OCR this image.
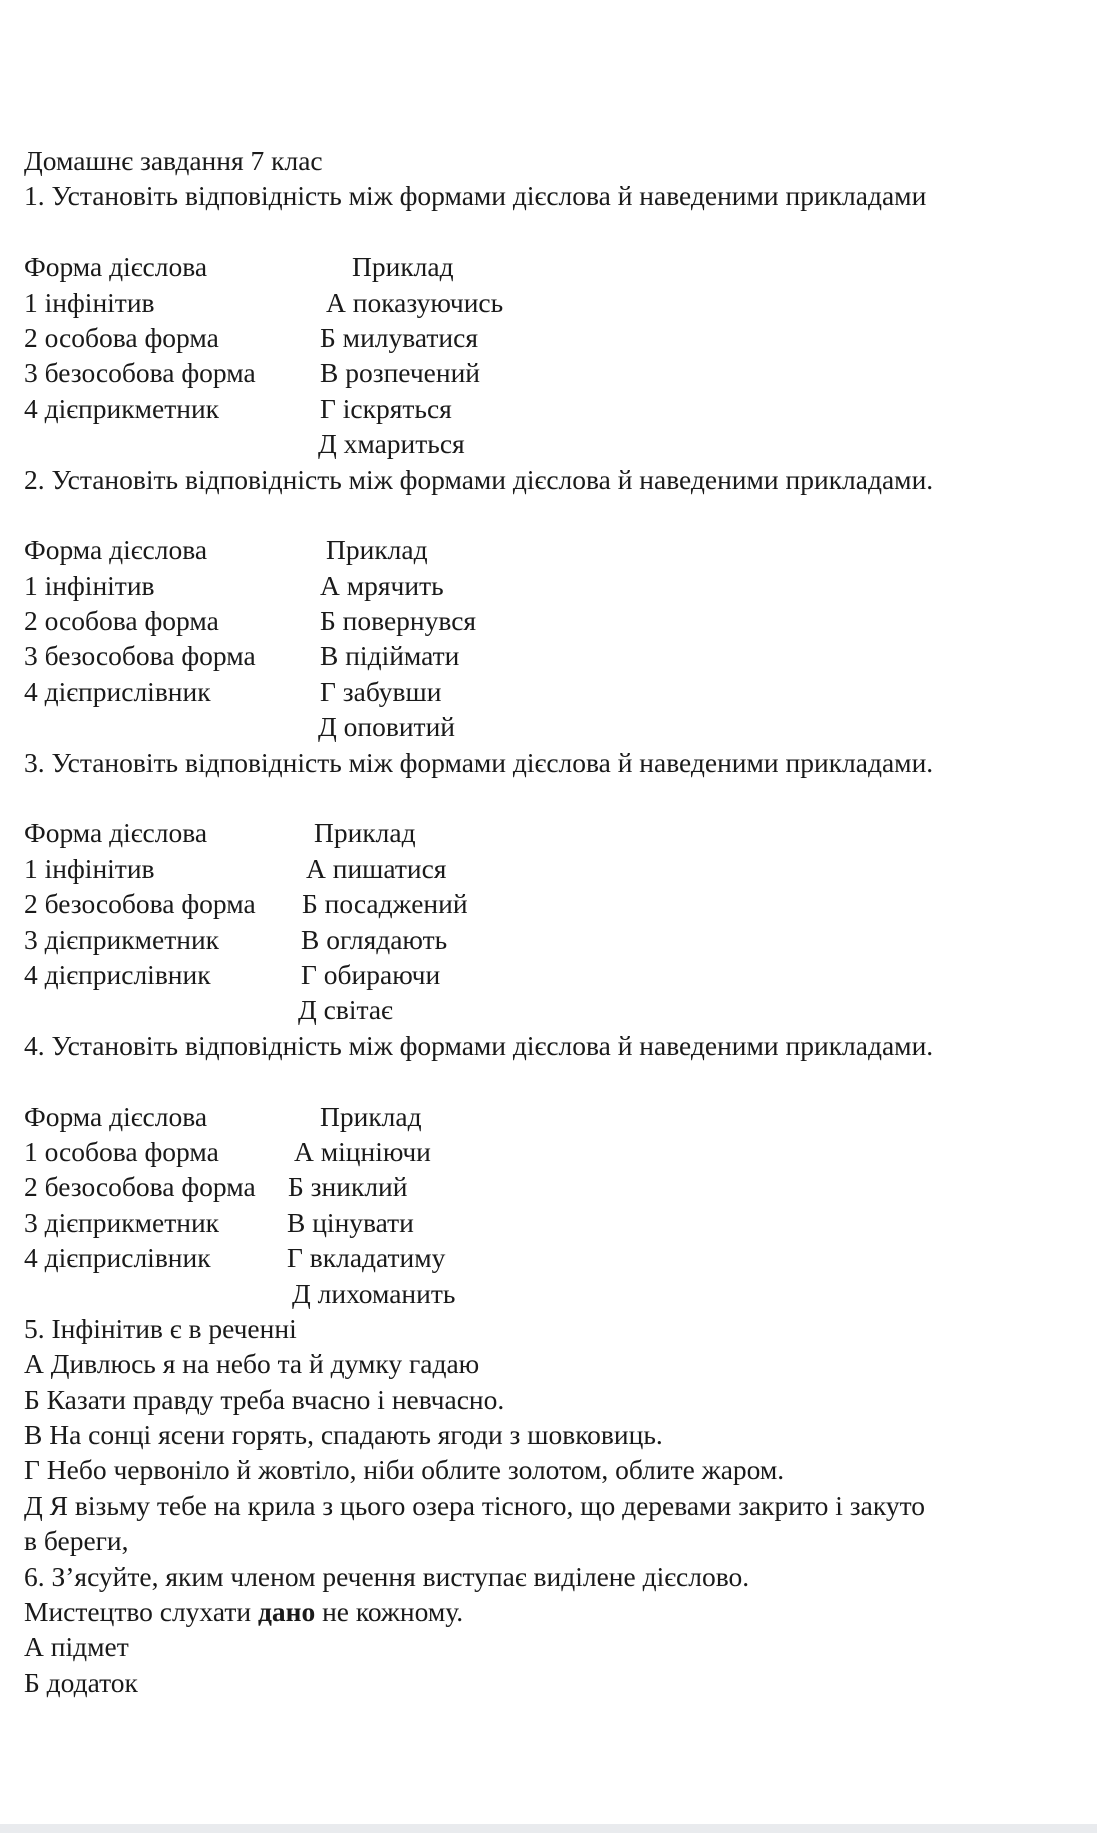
Домашнє завдання 7 клас
1. Установіть відповідність між формами дієслова й наведеними прикладами
Форма дієслова	Приклад
1 інфінітив	А показуючись
2 особова форма	Б милуватися
3 безособова форма В розпечений
4 дієприкметник	Г іскряться
Д хмариться
2. Установіть відповідність між формами дієслова й наведеними прикладами.
Форма дієслова	Приклад
1 інфінітив	А мрячить
2 особова форма	Б повернувся
3 безособова форма В підіймати
4 дієприслівник	Г забувши
Д оповитий
3. Установіть відповідність між формами дієслова й наведеними прикладами.
Форма дієслова	Приклад
1 інфінітив	А пишатися
2 безособова форма Б посаджений
3 дієприкметник	В оглядають
4 дієприслівник	Г обираючи
Д світає
4. Установіть відповідність між формами дієслова й наведеними прикладами.
Форма дієслова	Приклад
1 особова форма	А міцніючи
2 безособова форма Б зниклий
3 дієприкметник В цінувати
4 дієприслівник	Г вкладатиму
Д лихоманить
5. Інфінітив є в реченні
А Дивлюсь я на небо та й думку гадаю
Б Казати правду треба вчасно і невчасно.
В На сонці ясени горять, спадають ягоди з шовковиць.
Г Небо червоніло й жовтіло, ніби облите золотом, облите жаром.
Д Я візьму тебе на крила з цього озера тісного, що деревами закрито і закуто
в береги,
6. З’ясуйте, яким членом речення виступає виділене дієслово.
Мистецтво слухати дано не кожному.
А підмет
Б додаток
